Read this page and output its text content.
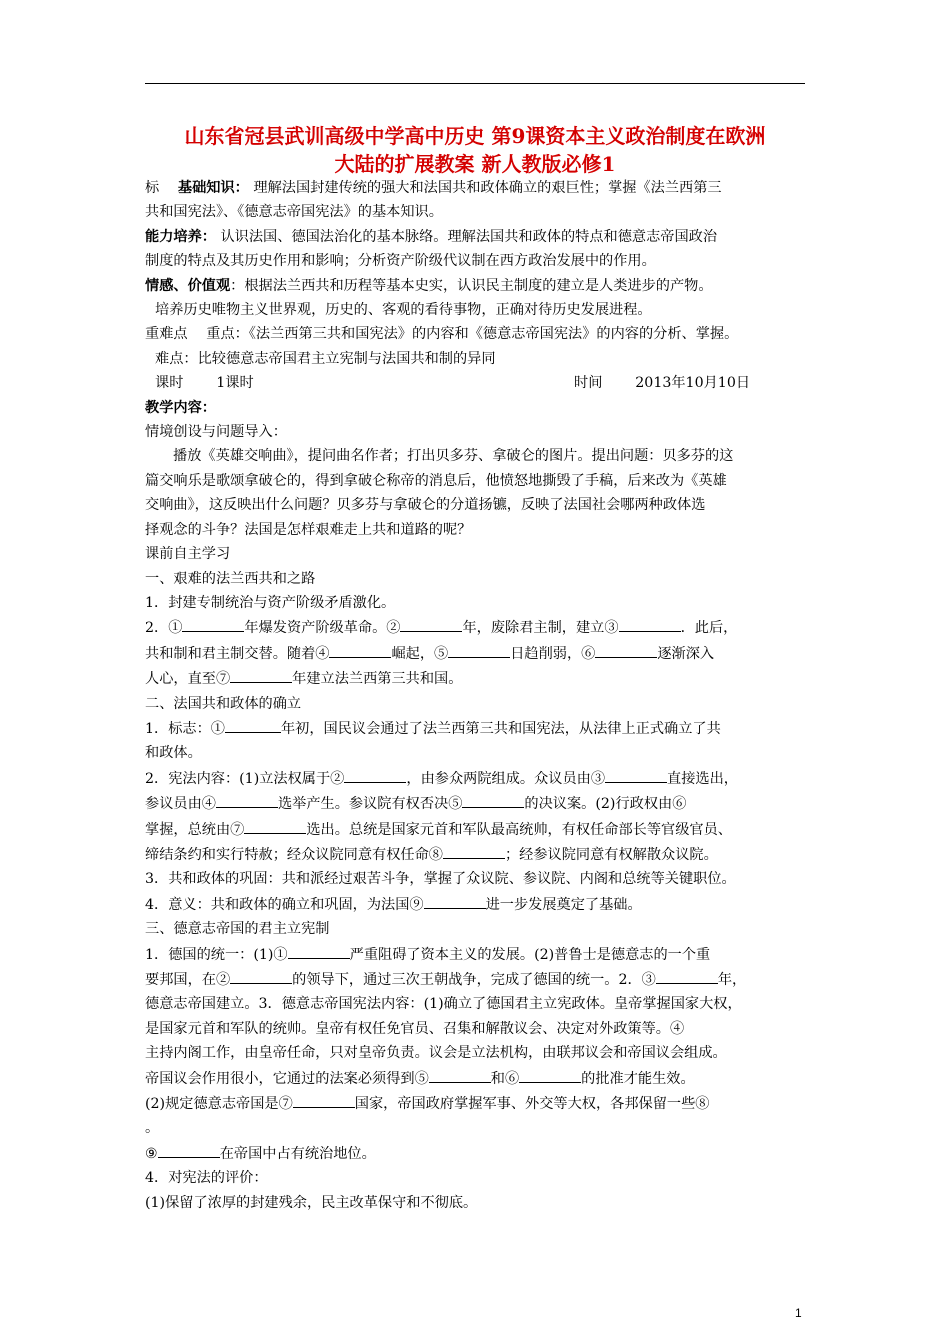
山东省冠县武训高级中学高中历史 第9课资本主义政治制度在欧洲
大陆的扩展教案 新人教版必修1

标　 基础知识： 理解法国封建传统的强大和法国共和政体确立的艰巨性；掌握《法兰西第三

共和国宪法》、《德意志帝国宪法》的基本知识。

能力培养： 认识法国、德国法治化的基本脉络。理解法国共和政体的特点和德意志帝国政治

制度的特点及其历史作用和影响；分析资产阶级代议制在西方政治发展中的作用。

情感、价值观：根据法兰西共和历程等基本史实，认识民主制度的建立是人类进步的产物。

培养历史唯物主义世界观，历史的、客观的看待事物，正确对待历史发展进程。

重难点　 重点：《法兰西第三共和国宪法》的内容和《德意志帝国宪法》的内容的分析、掌握。

难点：比较德意志帝国君主立宪制与法国共和制的异同

课时　　 1课时	时间　　 2013年10月10日

教学内容：

情境创设与问题导入：

播放《英雄交响曲》，提问曲名作者；打出贝多芬、拿破仑的图片。提出问题：贝多芬的这

篇交响乐是歌颂拿破仑的，得到拿破仑称帝的消息后，他愤怒地撕毁了手稿，后来改为《英雄

交响曲》，这反映出什么问题？贝多芬与拿破仑的分道扬镳，反映了法国社会哪两种政体选

择观念的斗争？法国是怎样艰难走上共和道路的呢？

课前自主学习

一、艰难的法兰西共和之路

1．封建专制统治与资产阶级矛盾激化。

2．①	年爆发资产阶级革命。②	年，废除君主制，建立③	．此后，

共和制和君主制交替。随着④	崛起，⑤	日趋削弱，⑥	逐渐深入

人心，直至⑦	年建立法兰西第三共和国。

二、法国共和政体的确立

1．标志：①	年初，国民议会通过了法兰西第三共和国宪法，从法律上正式确立了共

和政体。

2．宪法内容：(1)立法权属于②	，由参众两院组成。众议员由③	直接选出，

参议员由④	选举产生。参议院有权否决⑤	的决议案。(2)行政权由⑥

掌握，总统由⑦	选出。总统是国家元首和军队最高统帅，有权任命部长等官级官员、

缔结条约和实行特赦；经众议院同意有权任命⑧	；经参议院同意有权解散众议院。

3．共和政体的巩固：共和派经过艰苦斗争，掌握了众议院、参议院、内阁和总统等关键职位。

4．意义：共和政体的确立和巩固，为法国⑨	进一步发展奠定了基础。

三、德意志帝国的君主立宪制

1．德国的统一：(1)①	严重阻碍了资本主义的发展。(2)普鲁士是德意志的一个重

要邦国，在②	的领导下，通过三次王朝战争，完成了德国的统一。2．③	年，

德意志帝国建立。3．德意志帝国宪法内容：(1)确立了德国君主立宪政体。皇帝掌握国家大权，

是国家元首和军队的统帅。皇帝有权任免官员、召集和解散议会、决定对外政策等。④

主持内阁工作，由皇帝任命，只对皇帝负责。议会是立法机构，由联邦议会和帝国议会组成。

帝国议会作用很小，它通过的法案必须得到⑤	和⑥	的批准才能生效。

(2)规定德意志帝国是⑦	国家，帝国政府掌握军事、外交等大权，各邦保留一些⑧

。

⑨	在帝国中占有统治地位。

4．对宪法的评价：

(1)保留了浓厚的封建残余，民主改革保守和不彻底。

1
